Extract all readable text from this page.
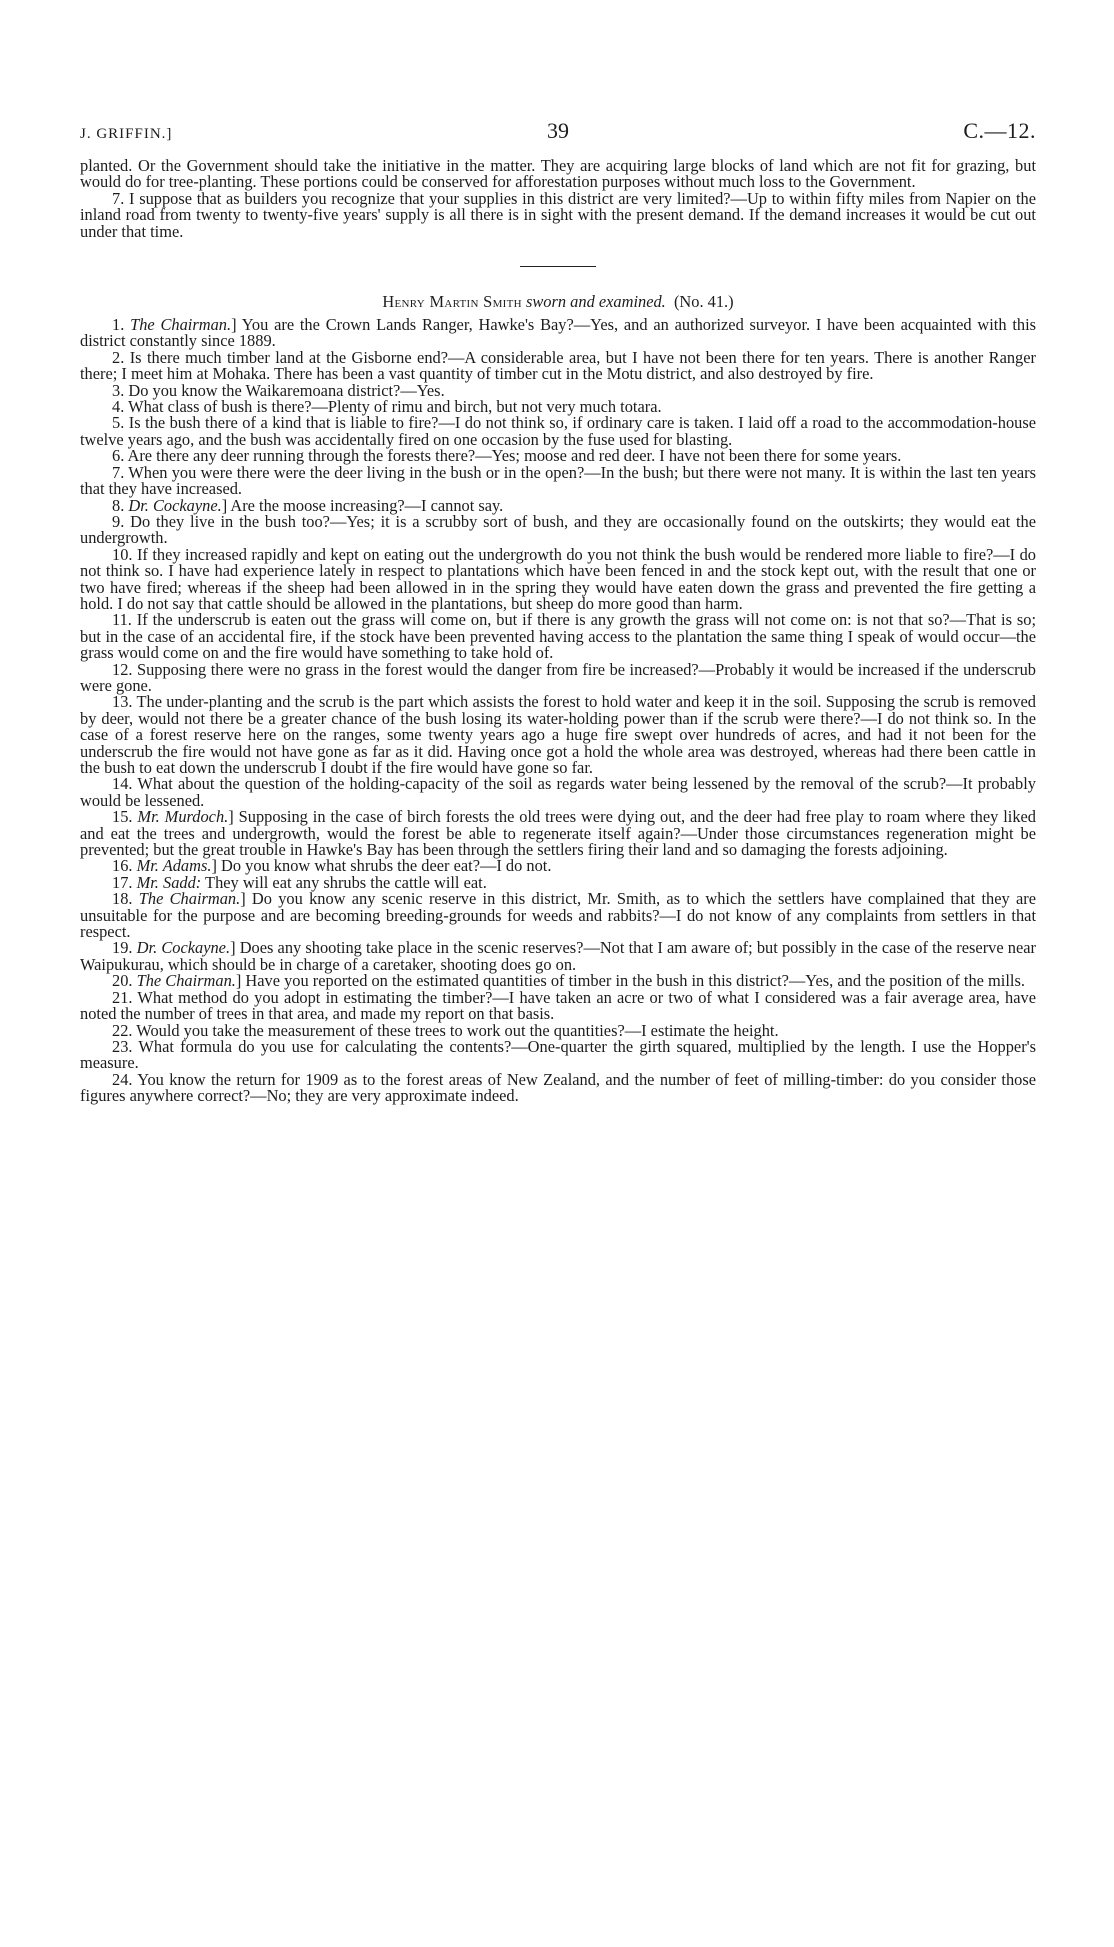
J. GRIFFIN.]	39	C.—12.

planted. Or the Government should take the initiative in the matter. They are acquiring large blocks of land which are not fit for grazing, but would do for tree-planting. These portions could be conserved for afforestation purposes without much loss to the Government.

7. I suppose that as builders you recognize that your supplies in this district are very limited?—Up to within fifty miles from Napier on the inland road from twenty to twenty-five years' supply is all there is in sight with the present demand. If the demand increases it would be cut out under that time.

Henry Martin Smith sworn and examined. (No. 41.)

1. The Chairman.] You are the Crown Lands Ranger, Hawke's Bay?—Yes, and an authorized surveyor. I have been acquainted with this district constantly since 1889.

2. Is there much timber land at the Gisborne end?—A considerable area, but I have not been there for ten years. There is another Ranger there; I meet him at Mohaka. There has been a vast quantity of timber cut in the Motu district, and also destroyed by fire.

3. Do you know the Waikaremoana district?—Yes.

4. What class of bush is there?—Plenty of rimu and birch, but not very much totara.

5. Is the bush there of a kind that is liable to fire?—I do not think so, if ordinary care is taken. I laid off a road to the accommodation-house twelve years ago, and the bush was accidentally fired on one occasion by the fuse used for blasting.

6. Are there any deer running through the forests there?—Yes; moose and red deer. I have not been there for some years.

7. When you were there were the deer living in the bush or in the open?—In the bush; but there were not many. It is within the last ten years that they have increased.

8. Dr. Cockayne.] Are the moose increasing?—I cannot say.

9. Do they live in the bush too?—Yes; it is a scrubby sort of bush, and they are occasionally found on the outskirts; they would eat the undergrowth.

10. If they increased rapidly and kept on eating out the undergrowth do you not think the bush would be rendered more liable to fire?—I do not think so. I have had experience lately in respect to plantations which have been fenced in and the stock kept out, with the result that one or two have fired; whereas if the sheep had been allowed in in the spring they would have eaten down the grass and prevented the fire getting a hold. I do not say that cattle should be allowed in the plantations, but sheep do more good than harm.

11. If the underscrub is eaten out the grass will come on, but if there is any growth the grass will not come on: is not that so?—That is so; but in the case of an accidental fire, if the stock have been prevented having access to the plantation the same thing I speak of would occur—the grass would come on and the fire would have something to take hold of.

12. Supposing there were no grass in the forest would the danger from fire be increased?—Probably it would be increased if the underscrub were gone.

13. The under-planting and the scrub is the part which assists the forest to hold water and keep it in the soil. Supposing the scrub is removed by deer, would not there be a greater chance of the bush losing its water-holding power than if the scrub were there?—I do not think so. In the case of a forest reserve here on the ranges, some twenty years ago a huge fire swept over hundreds of acres, and had it not been for the underscrub the fire would not have gone as far as it did. Having once got a hold the whole area was destroyed, whereas had there been cattle in the bush to eat down the underscrub I doubt if the fire would have gone so far.

14. What about the question of the holding-capacity of the soil as regards water being lessened by the removal of the scrub?—It probably would be lessened.

15. Mr. Murdoch.] Supposing in the case of birch forests the old trees were dying out, and the deer had free play to roam where they liked and eat the trees and undergrowth, would the forest be able to regenerate itself again?—Under those circumstances regeneration might be prevented; but the great trouble in Hawke's Bay has been through the settlers firing their land and so damaging the forests adjoining.

16. Mr. Adams.] Do you know what shrubs the deer eat?—I do not.

17. Mr. Sadd: They will eat any shrubs the cattle will eat.

18. The Chairman.] Do you know any scenic reserve in this district, Mr. Smith, as to which the settlers have complained that they are unsuitable for the purpose and are becoming breeding-grounds for weeds and rabbits?—I do not know of any complaints from settlers in that respect.

19. Dr. Cockayne.] Does any shooting take place in the scenic reserves?—Not that I am aware of; but possibly in the case of the reserve near Waipukurau, which should be in charge of a caretaker, shooting does go on.

20. The Chairman.] Have you reported on the estimated quantities of timber in the bush in this district?—Yes, and the position of the mills.

21. What method do you adopt in estimating the timber?—I have taken an acre or two of what I considered was a fair average area, have noted the number of trees in that area, and made my report on that basis.

22. Would you take the measurement of these trees to work out the quantities?—I estimate the height.

23. What formula do you use for calculating the contents?—One-quarter the girth squared, multiplied by the length. I use the Hopper's measure.

24. You know the return for 1909 as to the forest areas of New Zealand, and the number of feet of milling-timber: do you consider those figures anywhere correct?—No; they are very approximate indeed.
